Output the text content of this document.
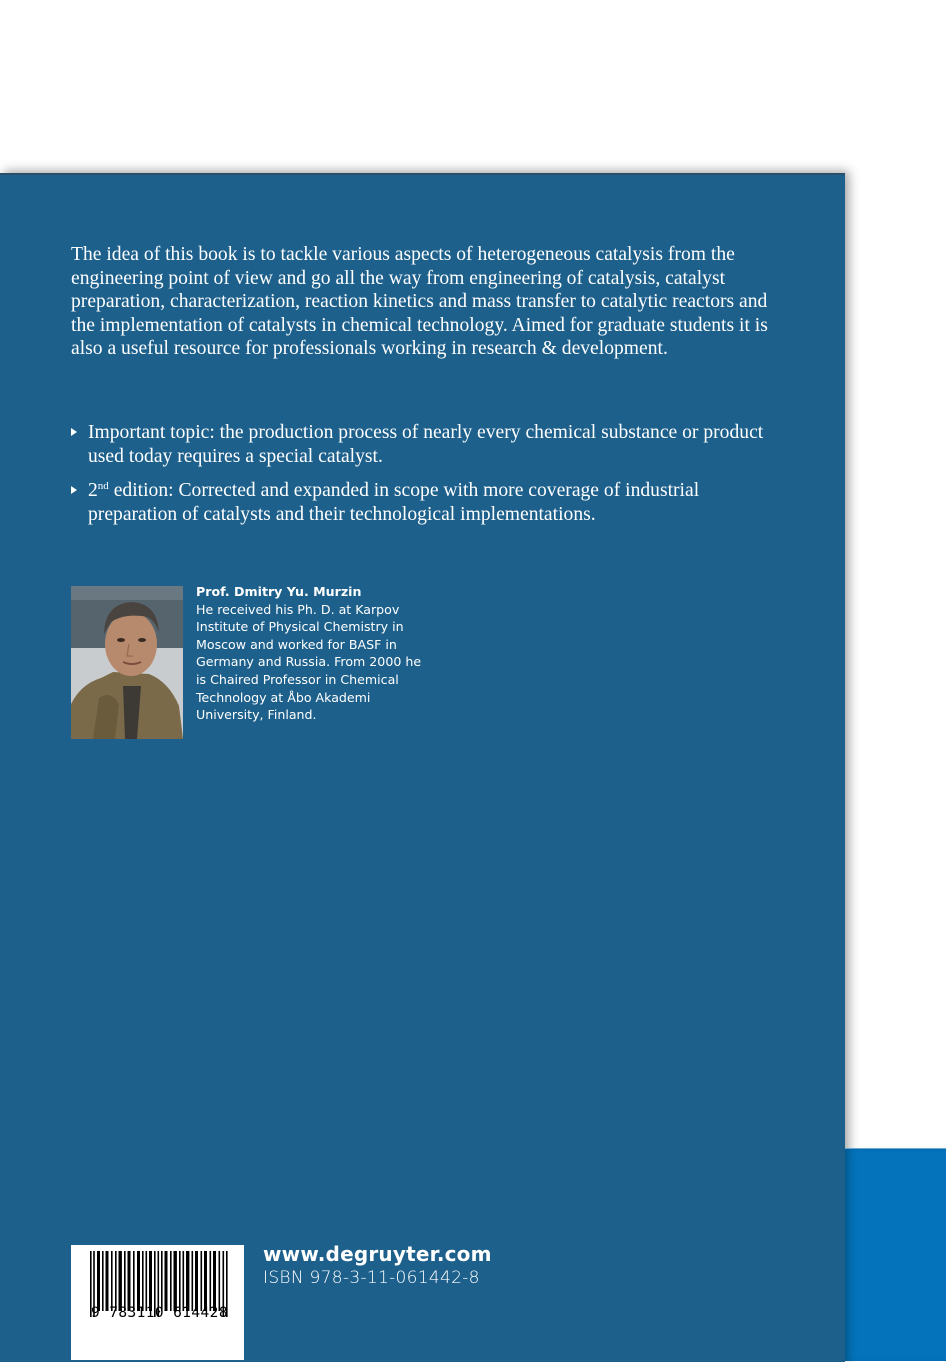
The idea of this book is to tackle various aspects of heterogeneous catalysis from the engineering point of view and go all the way from engineering of catalysis, catalyst preparation, characterization, reaction kinetics and mass transfer to catalytic reactors and the implementation of catalysts in chemical technology. Aimed for graduate students it is also a useful resource for professionals working in research & development.

Important topic: the production process of nearly every chemical substance or product used today requires a special catalyst.
2nd edition: Corrected and expanded in scope with more coverage of industrial preparation of catalysts and their technological implementations.
Prof. Dmitry Yu. Murzin
He received his Ph. D. at Karpov Institute of Physical Chemistry in Moscow and worked for BASF in Germany and Russia. From 2000 he is Chaired Professor in Chemical Technology at Åbo Akademi University, Finland.
9 783110 614428
www.degruyter.com
ISBN 978-3-11-061442-8
